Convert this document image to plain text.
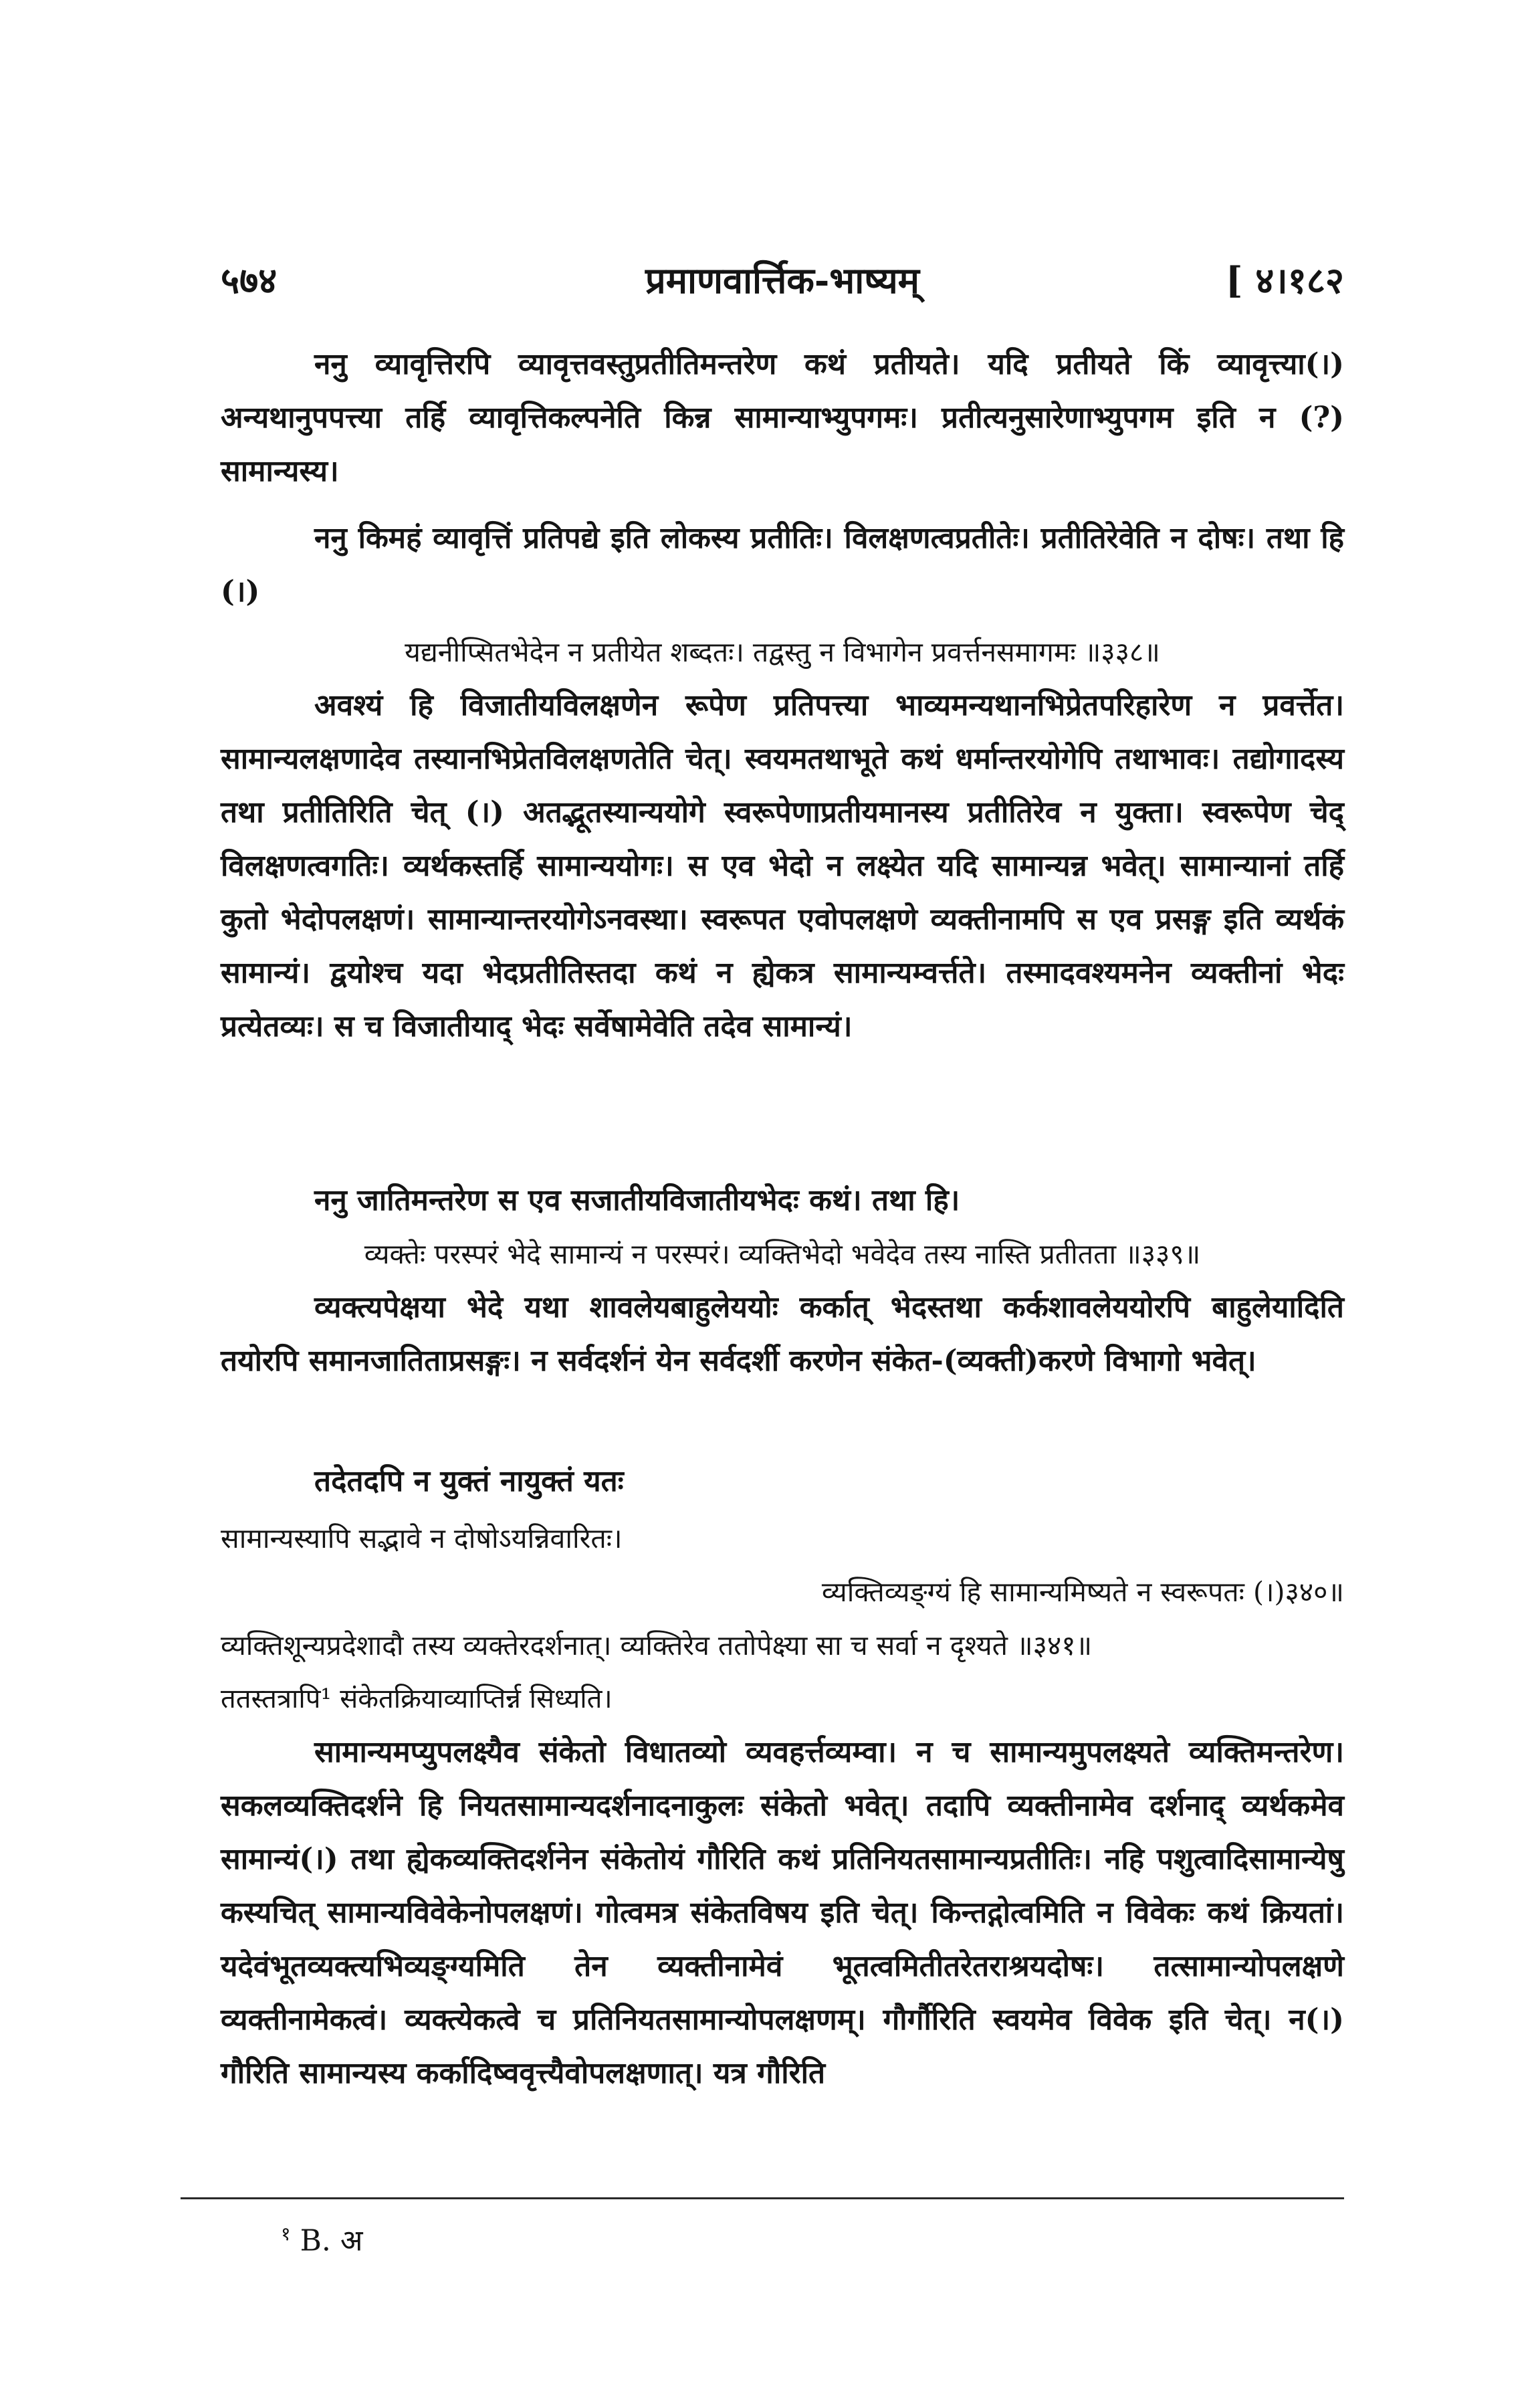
५७४	प्रमाणवार्त्तिक-भाष्यम्	[ ४।१८२

ननु व्यावृत्तिरपि व्यावृत्तवस्तुप्रतीतिमन्तरेण कथं प्रतीयते। यदि प्रतीयते किं व्यावृत्त्या(।) अन्यथानुपपत्त्या तर्हि व्यावृत्तिकल्पनेति किन्न सामान्याभ्युपगमः। प्रतीत्यनुसारेणाभ्युपगम इति न (?) सामान्यस्य।

ननु किमहं व्यावृत्तिं प्रतिपद्ये इति लोकस्य प्रतीतिः। विलक्षणत्वप्रतीतेः। प्रतीतिरेवेति न दोषः। तथा हि (।)

यद्यनीप्सितभेदेन न प्रतीयेत शब्दतः। तद्वस्तु न विभागेन प्रवर्त्तनसमागमः ॥३३८॥

अवश्यं हि विजातीयविलक्षणेन रूपेण प्रतिपत्त्या भाव्यमन्यथानभिप्रेतपरिहारेण न प्रवर्त्तेत। सामान्यलक्षणादेव तस्यानभिप्रेतविलक्षणतेति चेत्। स्वयमतथाभूते कथं धर्मान्तरयोगेपि तथाभावः। तद्योगादस्य तथा प्रतीतिरिति चेत् (।) अतद्भूतस्यान्ययोगे स्वरूपेणाप्रतीयमानस्य प्रतीतिरेव न युक्ता। स्वरूपेण चेद् विलक्षणत्वगतिः। व्यर्थकस्तर्हि सामान्ययोगः। स एव भेदो न लक्ष्येत यदि सामान्यन्न भवेत्। सामान्यानां तर्हि कुतो भेदोपलक्षणं। सामान्यान्तरयोगेऽनवस्था। स्वरूपत एवोपलक्षणे व्यक्तीनामपि स एव प्रसङ्ग इति व्यर्थकं सामान्यं। द्वयोश्च यदा भेदप्रतीतिस्तदा कथं न ह्येकत्र सामान्यम्वर्त्तते। तस्मादवश्यमनेन व्यक्तीनां भेदः प्रत्येतव्यः। स च विजातीयाद् भेदः सर्वेषामेवेति तदेव सामान्यं।

ननु जातिमन्तरेण स एव सजातीयविजातीयभेदः कथं। तथा हि।

व्यक्तेः परस्परं भेदे सामान्यं न परस्परं। व्यक्तिभेदो भवेदेव तस्य नास्ति प्रतीतता ॥३३९॥

व्यक्त्यपेक्षया भेदे यथा शावलेयबाहुलेययोः कर्कात् भेदस्तथा कर्कशावलेययोरपि बाहुलेयादिति तयोरपि समानजातिताप्रसङ्गः। न सर्वदर्शनं येन सर्वदर्शी करणेन संकेत-(व्यक्ती)करणे विभागो भवेत्।

तदेतदपि न युक्तं नायुक्तं यतः

सामान्यस्यापि सद्भावे न दोषोऽयन्निवारितः।

व्यक्तिव्यङ्ग्यं हि सामान्यमिष्यते न स्वरूपतः (।)३४०॥

व्यक्तिशून्यप्रदेशादौ तस्य व्यक्तेरदर्शनात्। व्यक्तिरेव ततोपेक्ष्या सा च सर्वा न दृश्यते ॥३४१॥

ततस्तत्रापि¹ संकेतक्रियाव्याप्तिर्न्न सिध्यति।

सामान्यमप्युपलक्ष्यैव संकेतो विधातव्यो व्यवहर्त्तव्यम्वा। न च सामान्यमुपलक्ष्यते व्यक्तिमन्तरेण। सकलव्यक्तिदर्शने हि नियतसामान्यदर्शनादनाकुलः संकेतो भवेत्। तदापि व्यक्तीनामेव दर्शनाद् व्यर्थकमेव सामान्यं(।) तथा ह्येकव्यक्तिदर्शनेन संकेतोयं गौरिति कथं प्रतिनियतसामान्यप्रतीतिः। नहि पशुत्वादिसामान्येषु कस्यचित् सामान्यविवेकेनोपलक्षणं। गोत्वमत्र संकेतविषय इति चेत्। किन्तद्गोत्वमिति न विवेकः कथं क्रियतां। यदेवंभूतव्यक्त्यभिव्यङ्ग्यमिति तेन व्यक्तीनामेवं भूतत्वमितीतरेतराश्रयदोषः। तत्सामान्योपलक्षणे व्यक्तीनामेकत्वं। व्यक्त्येकत्वे च प्रतिनियतसामान्योपलक्षणम्। गौर्गौरिति स्वयमेव विवेक इति चेत्। न(।) गौरिति सामान्यस्य कर्कादिष्ववृत्त्यैवोपलक्षणात्। यत्र गौरिति

$^१$ B. अ
